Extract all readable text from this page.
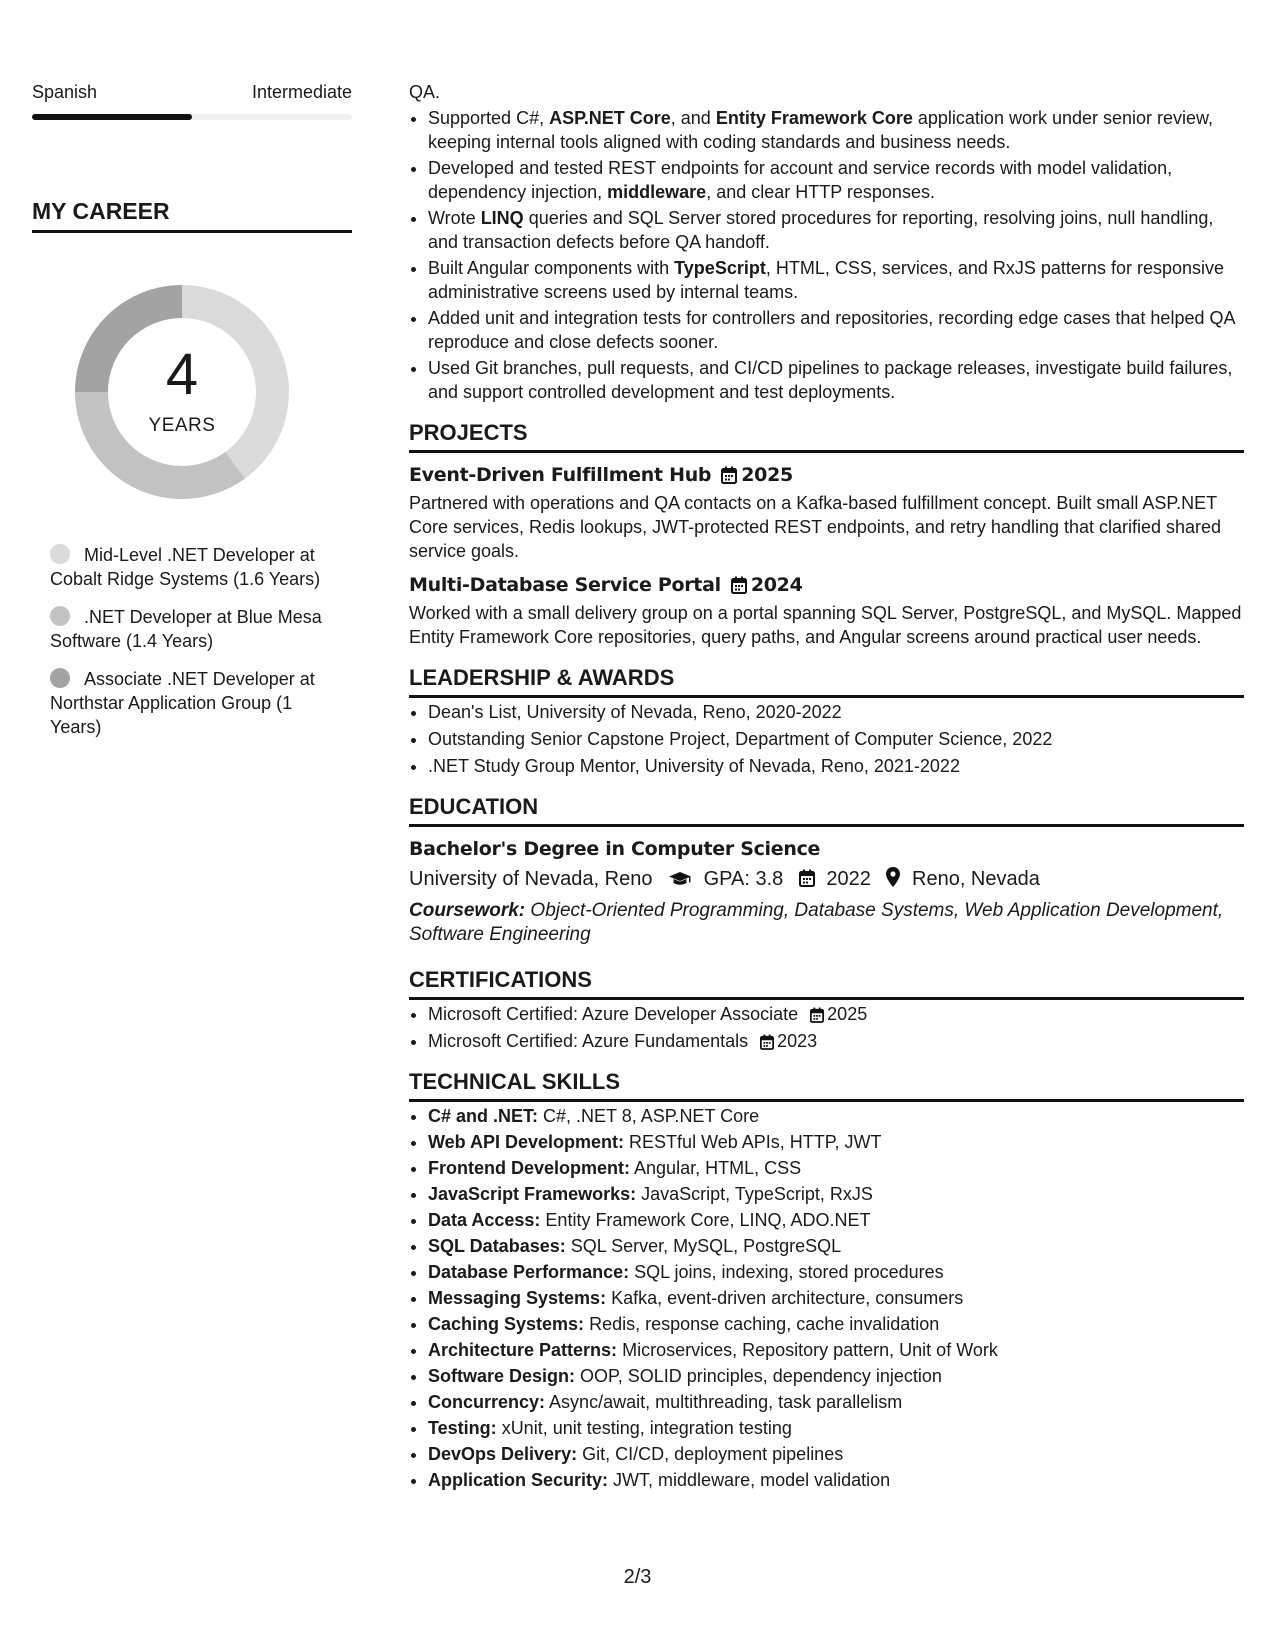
Spanish	Intermediate
MY CAREER
4
YEARS
Mid-Level .NET Developer at Cobalt Ridge Systems (1.6 Years)
.NET Developer at Blue Mesa Software (1.4 Years)
Associate .NET Developer at Northstar Application Group (1 Years)

QA.

• Supported C#, ASP.NET Core, and Entity Framework Core application work under senior review, keeping internal tools aligned with coding standards and business needs.
• Developed and tested REST endpoints for account and service records with model validation, dependency injection, middleware, and clear HTTP responses.
• Wrote LINQ queries and SQL Server stored procedures for reporting, resolving joins, null handling, and transaction defects before QA handoff.
• Built Angular components with TypeScript, HTML, CSS, services, and RxJS patterns for responsive administrative screens used by internal teams.
• Added unit and integration tests for controllers and repositories, recording edge cases that helped QA reproduce and close defects sooner.
• Used Git branches, pull requests, and CI/CD pipelines to package releases, investigate build failures, and support controlled development and test deployments.
PROJECTS
Event-Driven Fulfillment Hub 2025
Partnered with operations and QA contacts on a Kafka-based fulfillment concept. Built small ASP.NET Core services, Redis lookups, JWT-protected REST endpoints, and retry handling that clarified shared service goals.
Multi-Database Service Portal 2024
Worked with a small delivery group on a portal spanning SQL Server, PostgreSQL, and MySQL. Mapped Entity Framework Core repositories, query paths, and Angular screens around practical user needs.
LEADERSHIP & AWARDS
• Dean's List, University of Nevada, Reno, 2020-2022
• Outstanding Senior Capstone Project, Department of Computer Science, 2022
• .NET Study Group Mentor, University of Nevada, Reno, 2021-2022
EDUCATION
Bachelor's Degree in Computer Science
University of Nevada, Reno	GPA: 3.8 2022 Reno, Nevada
Coursework: Object-Oriented Programming, Database Systems, Web Application Development, Software Engineering
CERTIFICATIONS
• Microsoft Certified: Azure Developer Associate 2025
• Microsoft Certified: Azure Fundamentals 2023
TECHNICAL SKILLS
• C# and .NET: C#, .NET 8, ASP.NET Core
• Web API Development: RESTful Web APIs, HTTP, JWT
• Frontend Development: Angular, HTML, CSS
• JavaScript Frameworks: JavaScript, TypeScript, RxJS
• Data Access: Entity Framework Core, LINQ, ADO.NET
• SQL Databases: SQL Server, MySQL, PostgreSQL
• Database Performance: SQL joins, indexing, stored procedures
• Messaging Systems: Kafka, event-driven architecture, consumers
• Caching Systems: Redis, response caching, cache invalidation
• Architecture Patterns: Microservices, Repository pattern, Unit of Work
• Software Design: OOP, SOLID principles, dependency injection
• Concurrency: Async/await, multithreading, task parallelism
• Testing: xUnit, unit testing, integration testing
• DevOps Delivery: Git, CI/CD, deployment pipelines
• Application Security: JWT, middleware, model validation
2/3
